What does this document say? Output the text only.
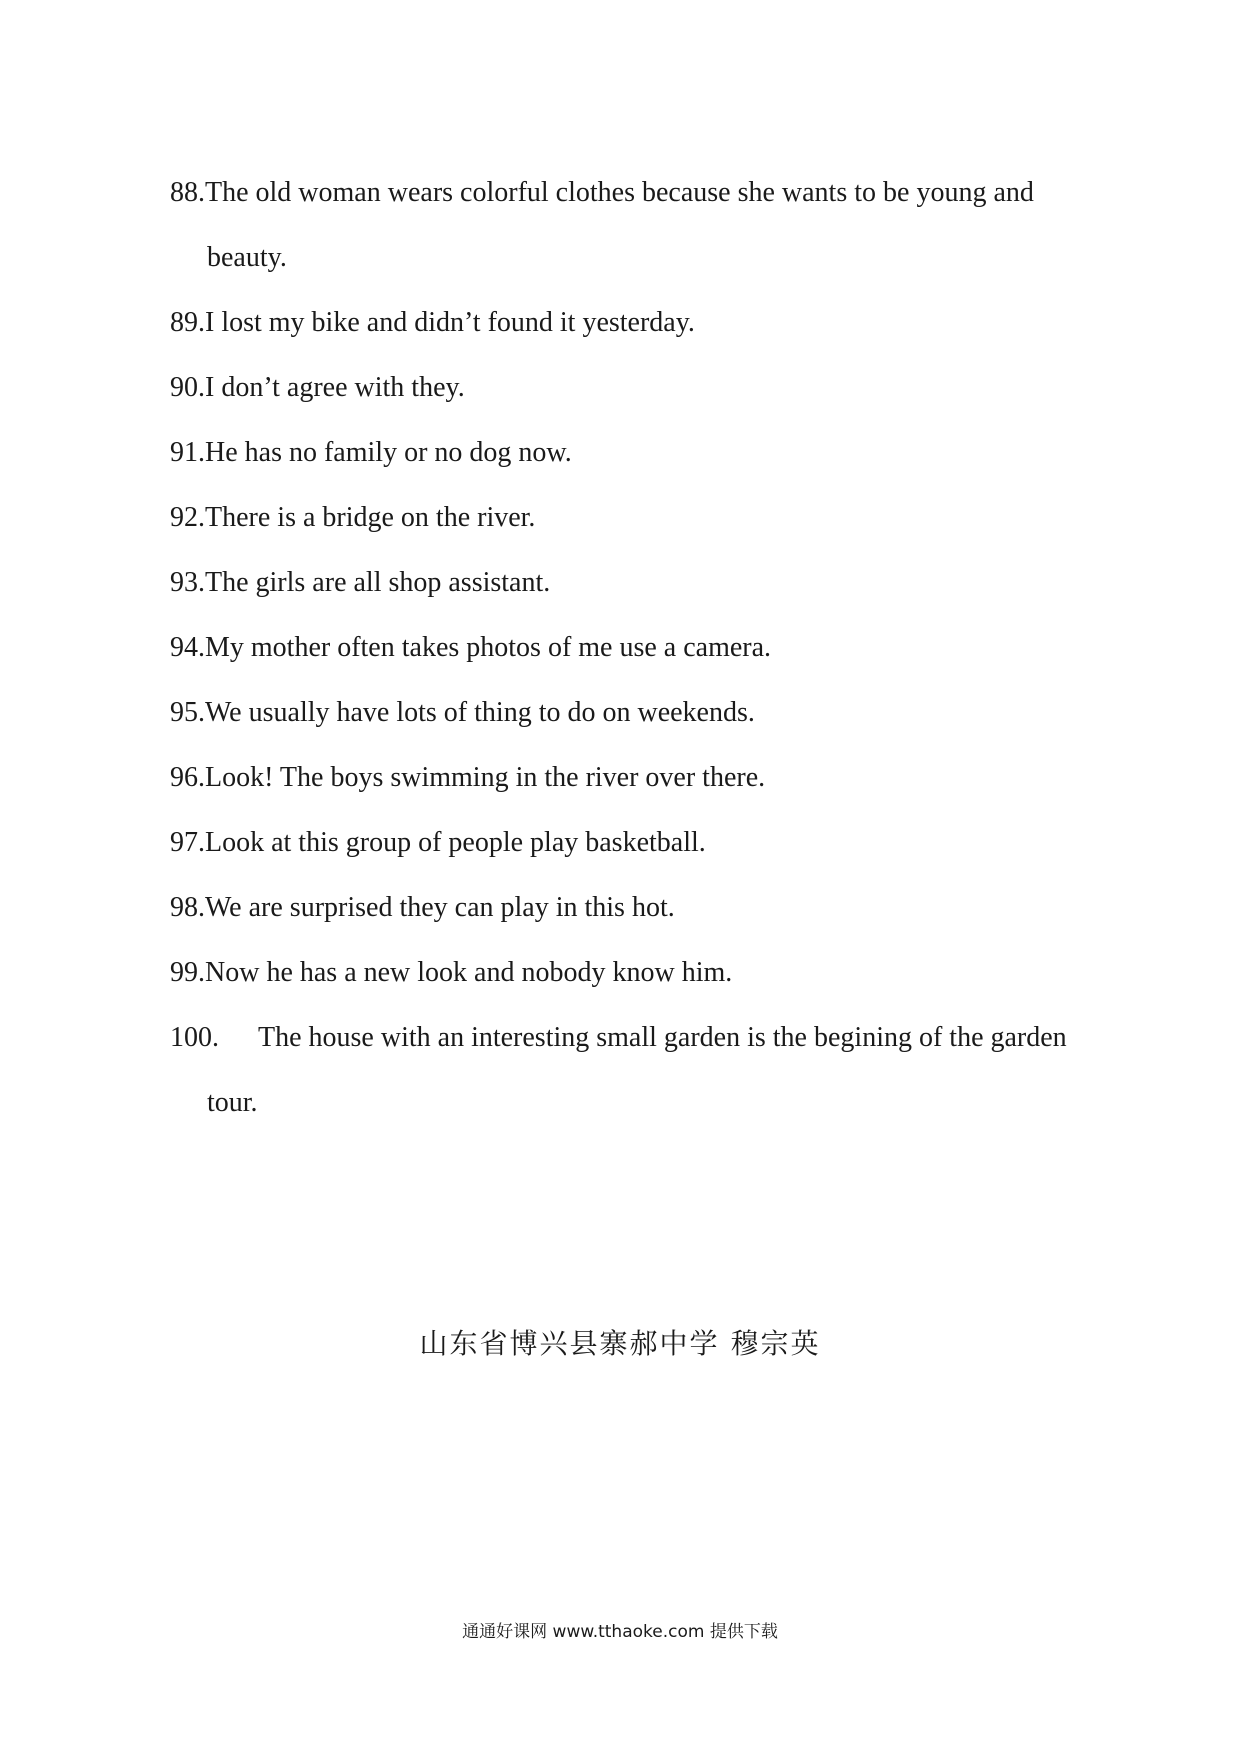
88.The old woman wears colorful clothes because she wants to be young and
beauty.
89.I lost my bike and didn’t found it yesterday.
90.I don’t agree with they.
91.He has no family or no dog now.
92.There is a bridge on the river.
93.The girls are all shop assistant.
94.My mother often takes photos of me use a camera.
95.We usually have lots of thing to do on weekends.
96.Look! The boys swimming in the river over there.
97.Look at this group of people play basketball.
98.We are surprised they can play in this hot.
99.Now he has a new look and nobody know him.
100. The house with an interesting small garden is the begining of the garden
tour.
山东省博兴县寨郝中学 穆宗英
通通好课网 www.tthaoke.com 提供下载
